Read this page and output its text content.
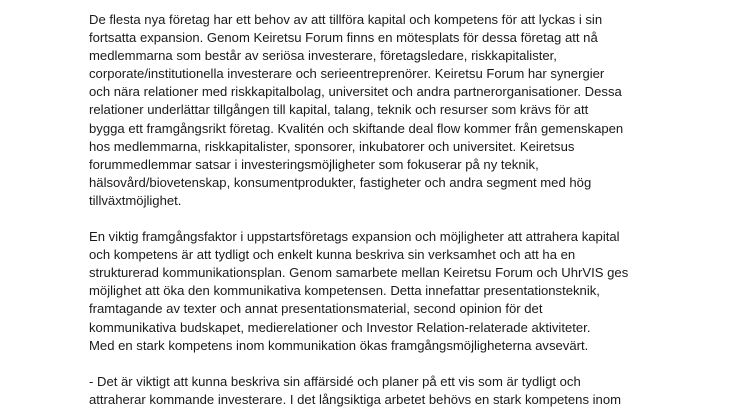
De flesta nya företag har ett behov av att tillföra kapital och kompetens för att lyckas i sin
fortsatta expansion. Genom Keiretsu Forum finns en mötesplats för dessa företag att nå
medlemmarna som består av seriösa investerare, företagsledare, riskkapitalister,
corporate/institutionella investerare och serieentreprenörer. Keiretsu Forum har synergier
och nära relationer med riskkapitalbolag, universitet och andra partnerorganisationer. Dessa
relationer underlättar tillgången till kapital, talang, teknik och resurser som krävs för att
bygga ett framgångsrikt företag. Kvalitén och skiftande deal flow kommer från gemenskapen
hos medlemmarna, riskkapitalister, sponsorer, inkubatorer och universitet. Keiretsus
forummedlemmar satsar i investeringsmöjligheter som fokuserar på ny teknik,
hälsovård/biovetenskap, konsumentprodukter, fastigheter och andra segment med hög
tillväxtmöjlighet.

En viktig framgångsfaktor i uppstartsföretags expansion och möjligheter att attrahera kapital
och kompetens är att tydligt och enkelt kunna beskriva sin verksamhet och att ha en
strukturerad kommunikationsplan. Genom samarbete mellan Keiretsu Forum och UhrVIS ges
möjlighet att öka den kommunikativa kompetensen. Detta innefattar presentationsteknik,
framtagande av texter och annat presentationsmaterial, second opinion för det
kommunikativa budskapet, medierelationer och Investor Relation-relaterade aktiviteter.
Med en stark kompetens inom kommunikation ökas framgångsmöjligheterna avsevärt.

- Det är viktigt att kunna beskriva sin affärsidé och planer på ett vis som är tydligt och
attraherar kommande investerare. I det långsiktiga arbetet behövs en stark kompetens inom
